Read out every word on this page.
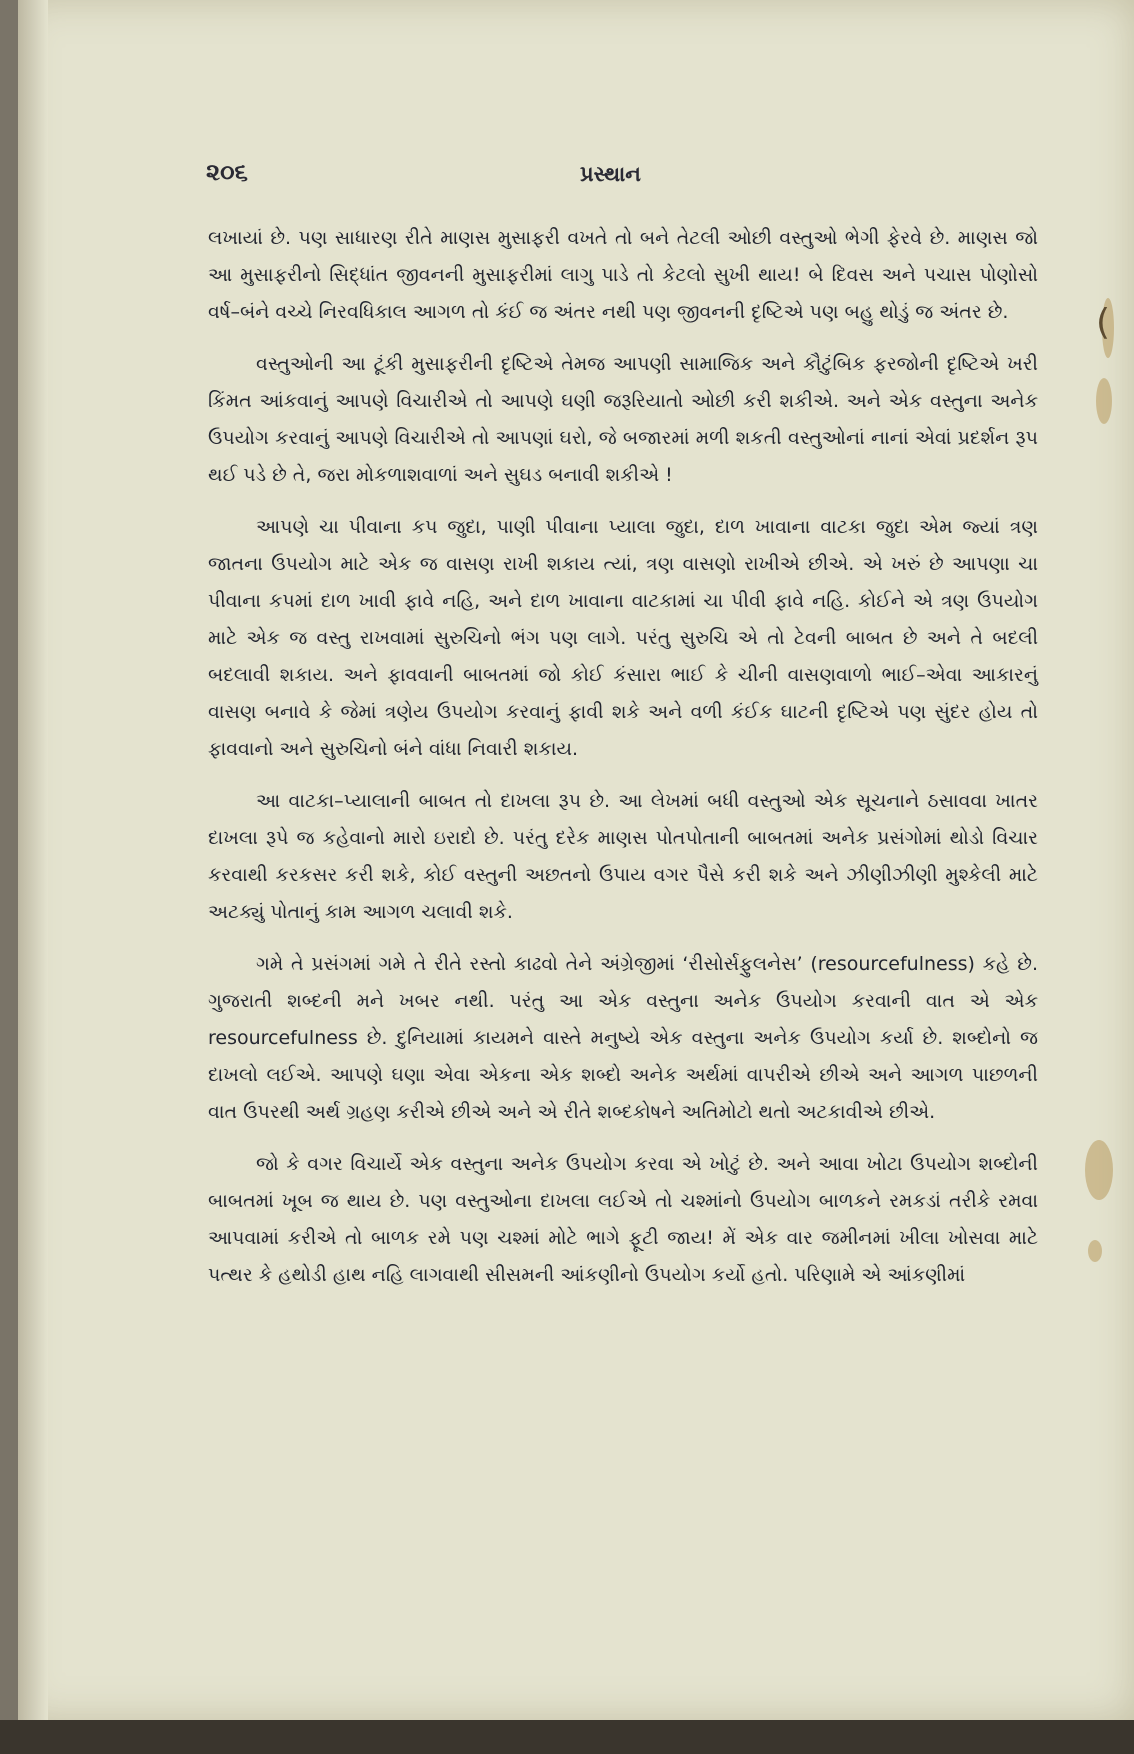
(
૨૦૬	પ્રસ્થાન

લખાયાં છે. પણ સાધારણ રીતે માણસ મુસાફરી વખતે તો બને તેટલી ઓછી વસ્તુઓ ભેગી ફેરવે છે. માણસ જો આ મુસાફરીનો સિદ્ધાંત જીવનની મુસાફરીમાં લાગુ પાડે તો કેટલો સુખી થાય! બે દિવસ અને પચાસ પોણોસો વર્ષ–બંને વચ્ચે નિરવધિકાલ આગળ તો કંઈ જ અંતર નથી પણ જીવનની દૃષ્ટિએ પણ બહુ થોડું જ અંતર છે.

વસ્તુઓની આ ટૂંકી મુસાફરીની દૃષ્ટિએ તેમજ આપણી સામાજિક અને કૌટુંબિક ફરજોની દૃષ્ટિએ ખરી કિંમત આંકવાનું આપણે વિચારીએ તો આપણે ઘણી જરૂરિયાતો ઓછી કરી શકીએ. અને એક વસ્તુના અનેક ઉપયોગ કરવાનું આપણે વિચારીએ તો આપણાં ઘરો, જે બજારમાં મળી શકતી વસ્તુઓનાં નાનાં એવાં પ્રદર્શન રૂપ થઈ પડે છે તે, જરા મોકળાશવાળાં અને સુઘડ બનાવી શકીએ !

આપણે ચા પીવાના કપ જુદા, પાણી પીવાના પ્યાલા જુદા, દાળ ખાવાના વાટકા જુદા એમ જ્યાં ત્રણ જાતના ઉપયોગ માટે એક જ વાસણ રાખી શકાય ત્યાં, ત્રણ વાસણો રાખીએ છીએ. એ ખરું છે આપણા ચા પીવાના કપમાં દાળ ખાવી ફાવે નહિ, અને દાળ ખાવાના વાટકામાં ચા પીવી ફાવે નહિ. કોઈને એ ત્રણ ઉપયોગ માટે એક જ વસ્તુ રાખવામાં સુરુચિનો ભંગ પણ લાગે. પરંતુ સુરુચિ એ તો ટેવની બાબત છે અને તે બદલી બદલાવી શકાય. અને ફાવવાની બાબતમાં જો કોઈ કંસારા ભાઈ કે ચીની વાસણવાળો ભાઈ–એવા આકારનું વાસણ બનાવે કે જેમાં ત્રણેય ઉપયોગ કરવાનું ફાવી શકે અને વળી કંઈક ઘાટની દૃષ્ટિએ પણ સુંદર હોય તો ફાવવાનો અને સુરુચિનો બંને વાંધા નિવારી શકાય.

આ વાટકા–પ્યાલાની બાબત તો દાખલા રૂપ છે. આ લેખમાં બધી વસ્તુઓ એક સૂચનાને ઠસાવવા ખાતર દાખલા રૂપે જ કહેવાનો મારો ઇરાદો છે. પરંતુ દરેક માણસ પોતપોતાની બાબતમાં અનેક પ્રસંગોમાં થોડો વિચાર કરવાથી કરકસર કરી શકે, કોઈ વસ્તુની અછતનો ઉપાય વગર પૈસે કરી શકે અને ઝીણીઝીણી મુશ્કેલી માટે અટક્યું પોતાનું કામ આગળ ચલાવી શકે.

ગમે તે પ્રસંગમાં ગમે તે રીતે રસ્તો કાઢવો તેને અંગ્રેજીમાં ‘રીસોર્સફુલનેસ’ (resourcefulness) કહે છે. ગુજરાતી શબ્દની મને ખબર નથી. પરંતુ આ એક વસ્તુના અનેક ઉપયોગ કરવાની વાત એ એક resourcefulness છે. દુનિયામાં કાયમને વાસ્તે મનુષ્યે એક વસ્તુના અનેક ઉપયોગ કર્યા છે. શબ્દોનો જ દાખલો લઈએ. આપણે ઘણા એવા એકના એક શબ્દો અનેક અર્થમાં વાપરીએ છીએ અને આગળ પાછળની વાત ઉપરથી અર્થ ગ્રહણ કરીએ છીએ અને એ રીતે શબ્દકોષને અતિમોટો થતો અટકાવીએ છીએ.

જો કે વગર વિચાર્યે એક વસ્તુના અનેક ઉપયોગ કરવા એ ખોટું છે. અને આવા ખોટા ઉપયોગ શબ્દોની બાબતમાં ખૂબ જ થાય છે. પણ વસ્તુઓના દાખલા લઈએ તો ચશ્માંનો ઉપયોગ બાળકને રમકડાં તરીકે રમવા આપવામાં કરીએ તો બાળક રમે પણ ચશ્માં મોટે ભાગે ફૂટી જાય! મેં એક વાર જમીનમાં ખીલા ખોસવા માટે પત્થર કે હથોડી હાથ નહિ લાગવાથી સીસમની આંકણીનો ઉપયોગ કર્યો હતો. પરિણામે એ આંકણીમાં
